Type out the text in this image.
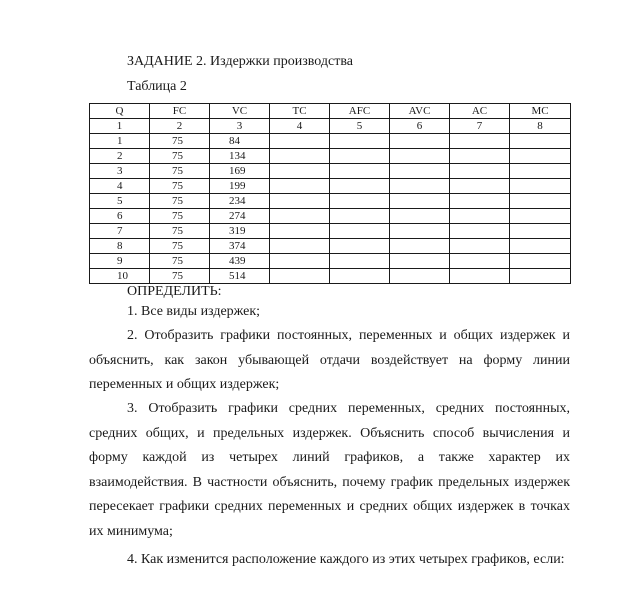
ЗАДАНИЕ 2. Издержки производства
Таблица 2
Q	FC	VC	TC	AFC	AVC	AC	MC
1	2	3	4	5	6	7	8
1	75	84					
2	75	134					
3	75	169					
4	75	199					
5	75	234					
6	75	274					
7	75	319					
8	75	374					
9	75	439					
10	75	514					
ОПРЕДЕЛИТЬ:
1. Все виды издержек;
2. Отобразить графики постоянных, переменных и общих издержек и объяснить, как закон убывающей отдачи воздействует на форму линии переменных и общих издержек;
3. Отобразить графики средних переменных, средних постоянных, средних общих, и предельных издержек. Объяснить способ вычисления и форму каждой из четырех линий графиков, а также характер их взаимодействия. В частности объяснить, почему график предельных издержек пересекает графики средних переменных и средних общих издержек в точках их минимума;
4. Как изменится расположение каждого из этих четырех графиков, если:
